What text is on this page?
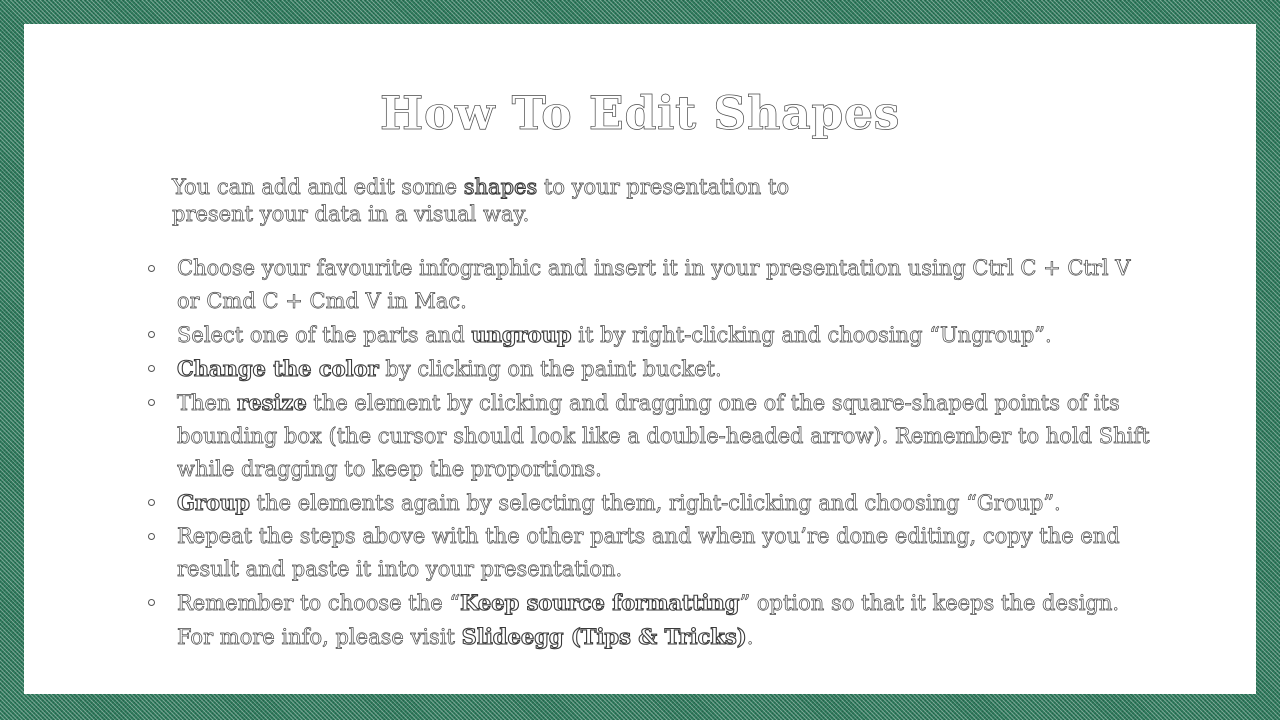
How To Edit Shapes
You can add and edit some shapes to your presentation to present your data in a visual way.
Choose your favourite infographic and insert it in your presentation using Ctrl C + Ctrl V or Cmd C + Cmd V in Mac.
Select one of the parts and ungroup it by right-clicking and choosing “Ungroup”.
Change the color by clicking on the paint bucket.
Then resize the element by clicking and dragging one of the square-shaped points of its bounding box (the cursor should look like a double-headed arrow). Remember to hold Shift while dragging to keep the proportions.
Group the elements again by selecting them, right-clicking and choosing “Group”.
Repeat the steps above with the other parts and when you’re done editing, copy the end result and paste it into your presentation.
Remember to choose the “Keep source formatting” option so that it keeps the design. For more info, please visit Slideegg (Tips & Tricks).
